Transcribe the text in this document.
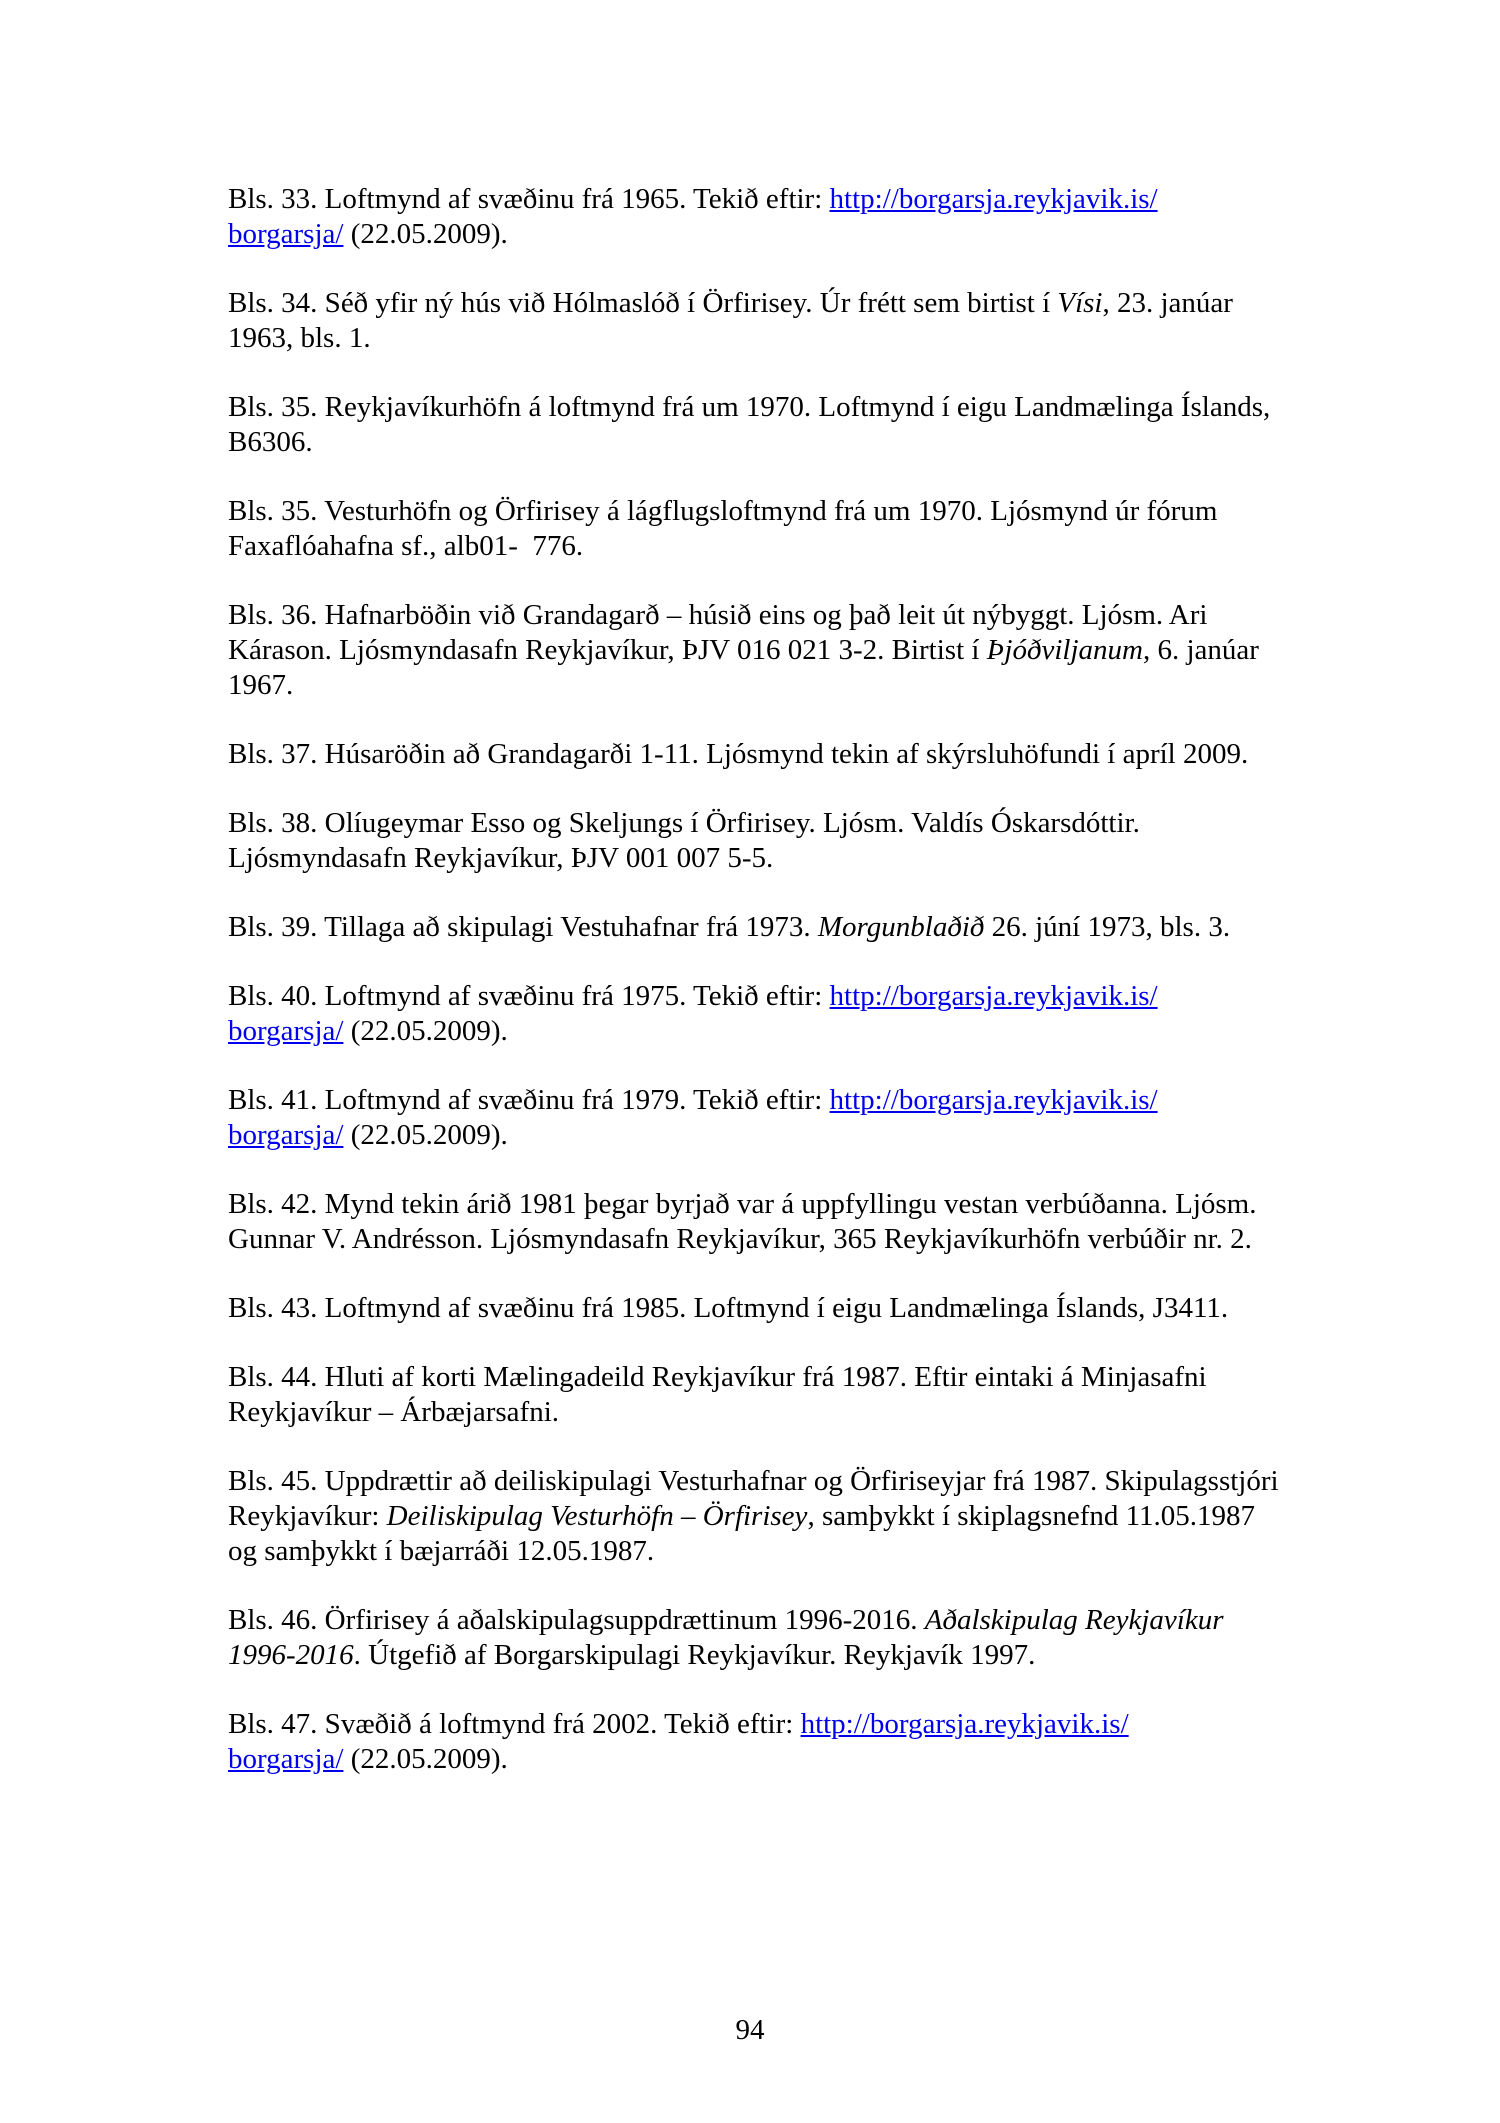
Bls. 33. Loftmynd af svæðinu frá 1965. Tekið eftir: http://borgarsja.reykjavik.is/
borgarsja/ (22.05.2009).

Bls. 34. Séð yfir ný hús við Hólmaslóð í Örfirisey. Úr frétt sem birtist í Vísi, 23. janúar 1963, bls. 1.

Bls. 35. Reykjavíkurhöfn á loftmynd frá um 1970. Loftmynd í eigu Landmælinga Íslands, B6306.

Bls. 35. Vesturhöfn og Örfirisey á lágflugsloftmynd frá um 1970. Ljósmynd úr fórum Faxaflóahafna sf., alb01-  776.

Bls. 36. Hafnarböðin við Grandagarð – húsið eins og það leit út nýbyggt. Ljósm. Ari Kárason. Ljósmyndasafn Reykjavíkur, ÞJV 016 021 3-2. Birtist í Þjóðviljanum, 6. janúar 1967.

Bls. 37. Húsaröðin að Grandagarði 1-11. Ljósmynd tekin af skýrsluhöfundi í apríl 2009.

Bls. 38. Olíugeymar Esso og Skeljungs í Örfirisey. Ljósm. Valdís Óskarsdóttir. Ljósmyndasafn Reykjavíkur, ÞJV 001 007 5-5.

Bls. 39. Tillaga að skipulagi Vestuhafnar frá 1973. Morgunblaðið 26. júní 1973, bls. 3.

Bls. 40. Loftmynd af svæðinu frá 1975. Tekið eftir: http://borgarsja.reykjavik.is/
borgarsja/ (22.05.2009).

Bls. 41. Loftmynd af svæðinu frá 1979. Tekið eftir: http://borgarsja.reykjavik.is/
borgarsja/ (22.05.2009).

Bls. 42. Mynd tekin árið 1981 þegar byrjað var á uppfyllingu vestan verbúðanna. Ljósm. Gunnar V. Andrésson. Ljósmyndasafn Reykjavíkur, 365 Reykjavíkurhöfn verbúðir nr. 2.

Bls. 43. Loftmynd af svæðinu frá 1985. Loftmynd í eigu Landmælinga Íslands, J3411.

Bls. 44. Hluti af korti Mælingadeild Reykjavíkur frá 1987. Eftir eintaki á Minjasafni Reykjavíkur – Árbæjarsafni.

Bls. 45. Uppdrættir að deiliskipulagi Vesturhafnar og Örfiriseyjar frá 1987. Skipulagsstjóri Reykjavíkur: Deiliskipulag Vesturhöfn – Örfirisey, samþykkt í skiplagsnefnd 11.05.1987 og samþykkt í bæjarráði 12.05.1987.

Bls. 46. Örfirisey á aðalskipulagsuppdrættinum 1996-2016. Aðalskipulag Reykjavíkur 1996-2016. Útgefið af Borgarskipulagi Reykjavíkur. Reykjavík 1997.

Bls. 47. Svæðið á loftmynd frá 2002. Tekið eftir: http://borgarsja.reykjavik.is/
borgarsja/ (22.05.2009).

94
